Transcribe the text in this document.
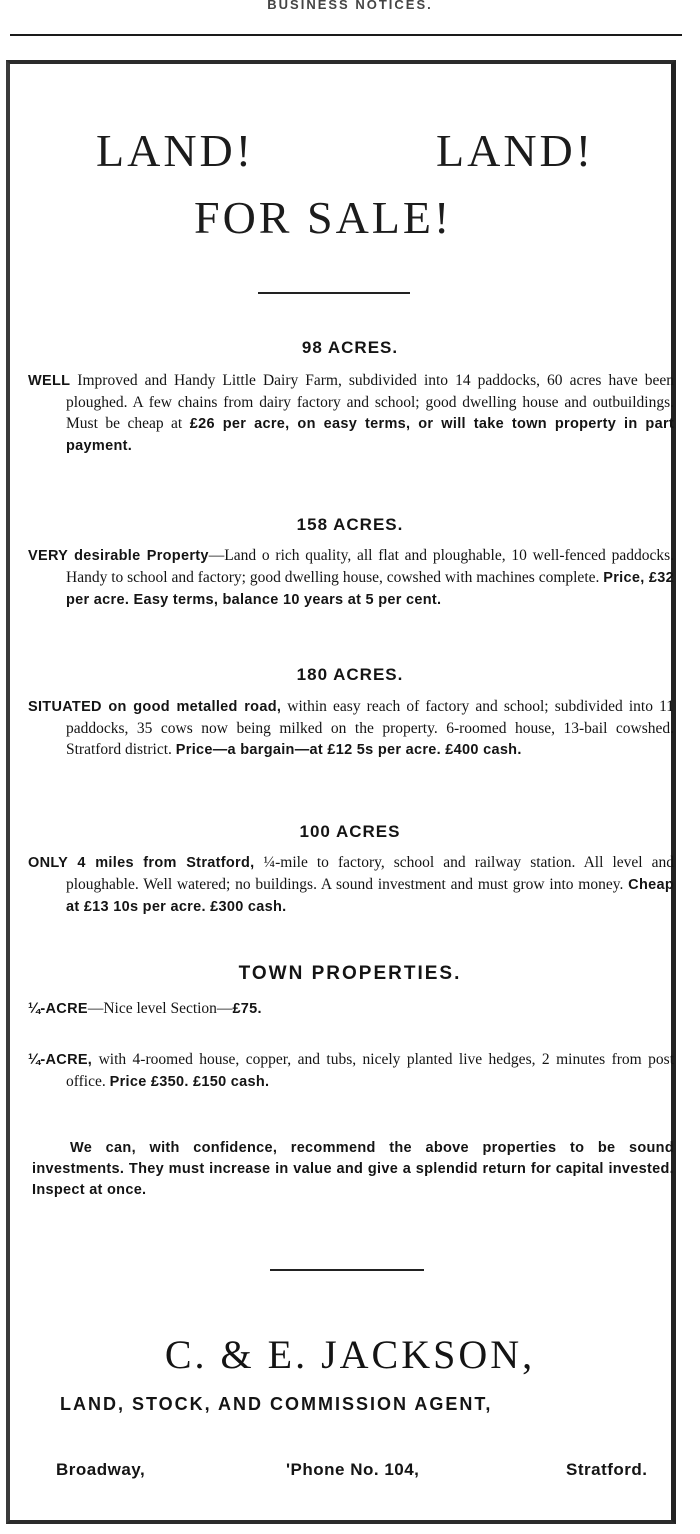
BUSINESS NOTICES.
LAND!	LAND!
FOR SALE!
98 ACRES.
WELL Improved and Handy Little Dairy Farm, subdivided into 14 paddocks, 60 acres have been ploughed. A few chains from dairy factory and school; good dwelling house and outbuildings. Must be cheap at £26 per acre, on easy terms, or will take town property in part payment.
158 ACRES.
VERY desirable Property—Land o rich quality, all flat and ploughable, 10 well-fenced paddocks. Handy to school and factory; good dwelling house, cowshed with machines complete. Price, £32 per acre. Easy terms, balance 10 years at 5 per cent.
180 ACRES.
SITUATED on good metalled road, within easy reach of factory and school; subdivided into 11 paddocks, 35 cows now being milked on the property. 6-roomed house, 13-bail cowshed. Stratford district. Price—a bargain—at £12 5s per acre. £400 cash.
100 ACRES
ONLY 4 miles from Stratford, ¼-mile to factory, school and railway station. All level and ploughable. Well watered; no buildings. A sound investment and must grow into money. Cheap at £13 10s per acre. £300 cash.
TOWN PROPERTIES.
¼-ACRE—Nice level Section—£75.
¼-ACRE, with 4-roomed house, copper, and tubs, nicely planted live hedges, 2 minutes from post office. Price £350. £150 cash.
We can, with confidence, recommend the above properties to be sound investments. They must increase in value and give a splendid return for capital invested. Inspect at once.
C. & E. JACKSON,
LAND, STOCK, AND COMMISSION AGENT,
Broadway,	'Phone No. 104,	Stratford.
